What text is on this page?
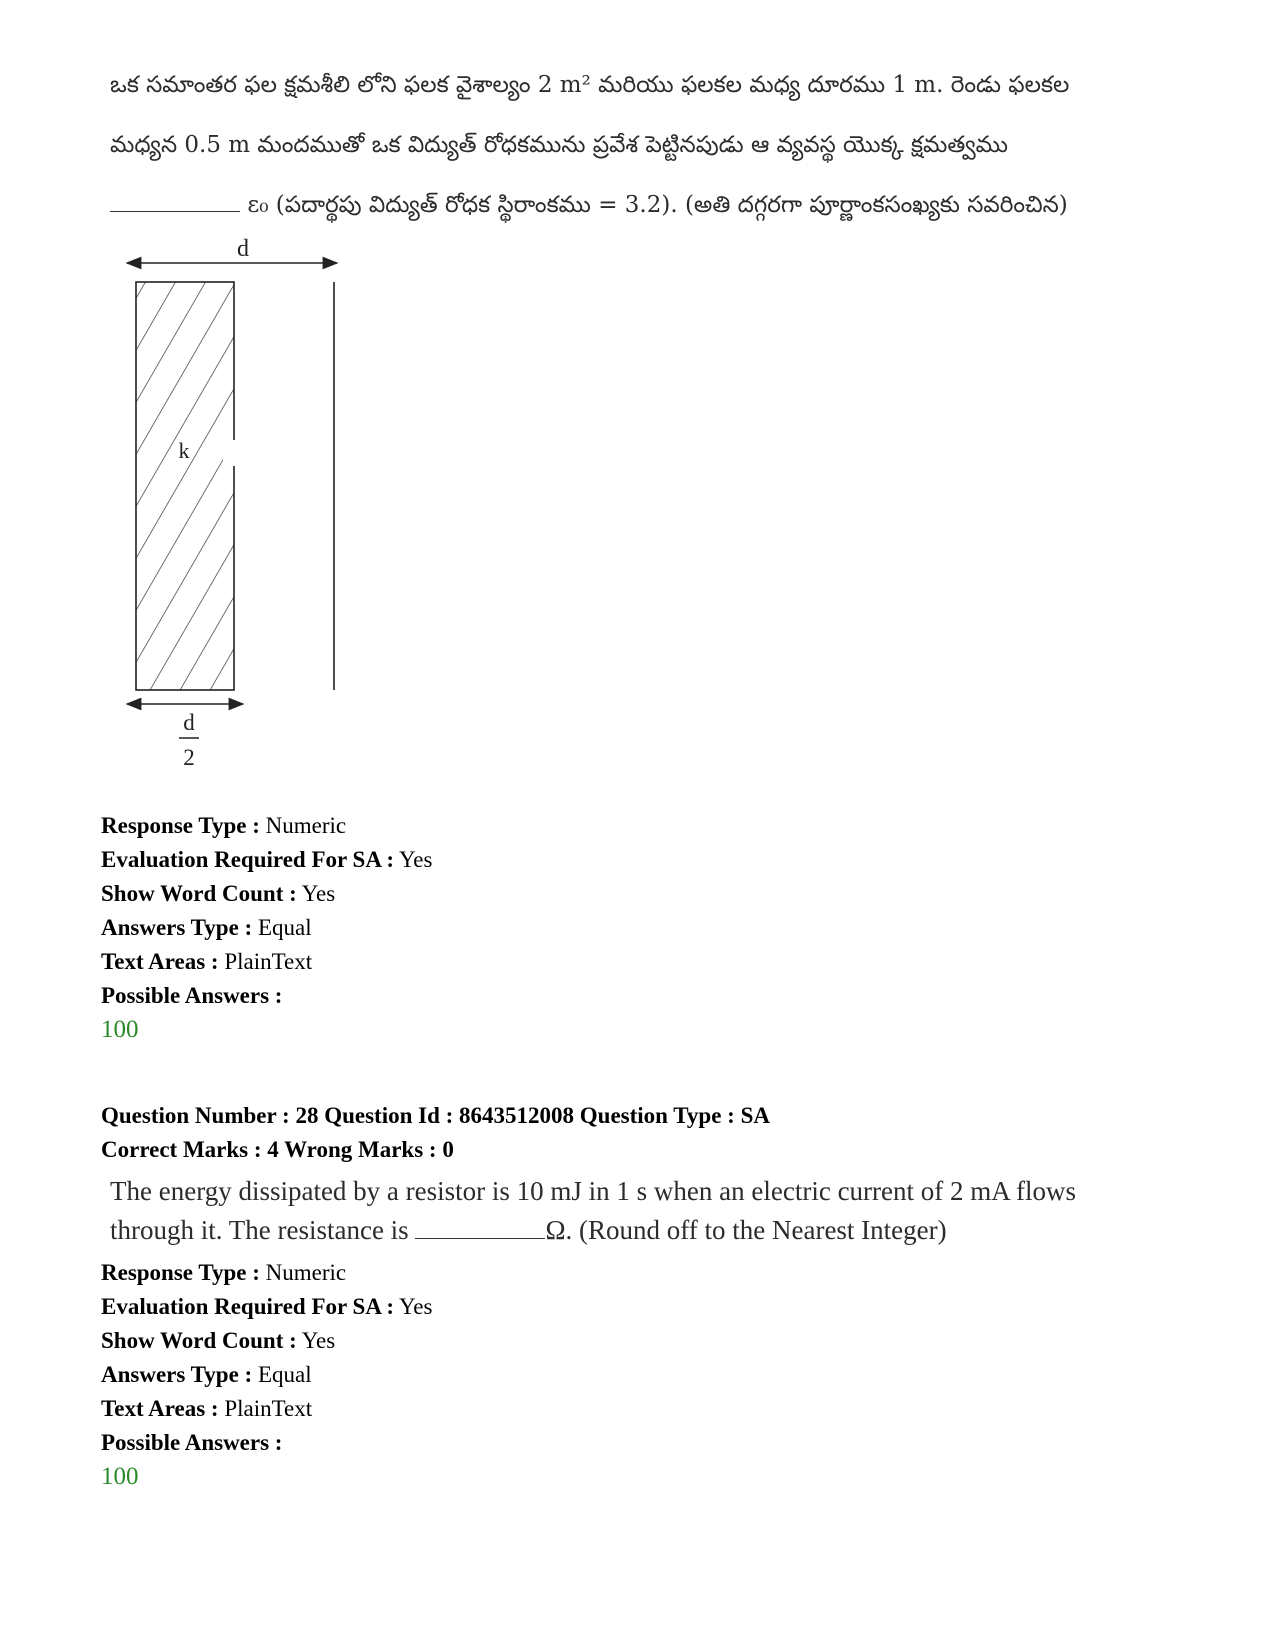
ఒక సమాంతర ఫల క్షమశీలి లోని ఫలక వైశాల్యం 2 m² మరియు ఫలకల మధ్య దూరము 1 m. రెండు ఫలకల
మధ్యన 0.5 m మందముతో ఒక విద్యుత్ రోధకమును ప్రవేశ పెట్టినపుడు ఆ వ్యవస్థ యొక్క క్షమత్వము
ε₀ (పదార్థపు విద్యుత్ రోధక స్థిరాంకము = 3.2). (అతి దగ్గరగా పూర్ణాంకసంఖ్యకు సవరించిన)
d
k
d
2
Response Type : Numeric
Evaluation Required For SA : Yes
Show Word Count : Yes
Answers Type : Equal
Text Areas : PlainText
Possible Answers :
100
Question Number : 28 Question Id : 8643512008 Question Type : SA
Correct Marks : 4 Wrong Marks : 0
The energy dissipated by a resistor is 10 mJ in 1 s when an electric current of 2 mA flows
through it. The resistance is	Ω. (Round off to the Nearest Integer)
Response Type : Numeric
Evaluation Required For SA : Yes
Show Word Count : Yes
Answers Type : Equal
Text Areas : PlainText
Possible Answers :
100
